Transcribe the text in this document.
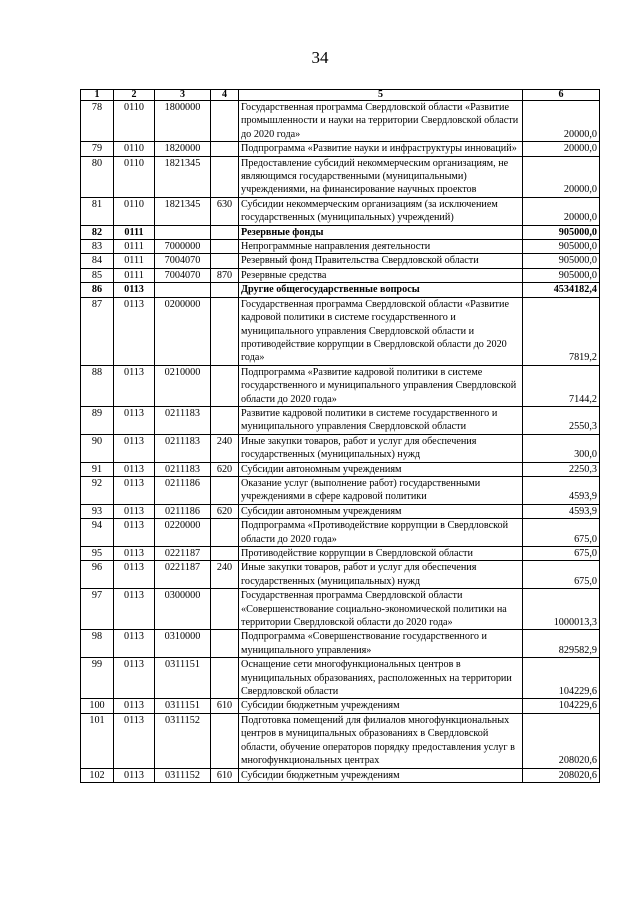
34
1	2	3	4	5	6
78	0110	1800000		Государственная программа Свердловской области «Развитие промышленности и науки на территории Свердловской области до 2020 года»	20000,0
79	0110	1820000		Подпрограмма «Развитие науки и инфраструктуры инноваций»	20000,0
80	0110	1821345		Предоставление субсидий некоммерческим организациям, не являющимся государственными (муниципальными) учреждениями, на финансирование научных проектов	20000,0
81	0110	1821345	630	Субсидии некоммерческим организациям (за исключением государственных (муниципальных) учреждений)	20000,0
82	0111			Резервные фонды	905000,0
83	0111	7000000		Непрограммные направления деятельности	905000,0
84	0111	7004070		Резервный фонд Правительства Свердловской области	905000,0
85	0111	7004070	870	Резервные средства	905000,0
86	0113			Другие общегосударственные вопросы	4534182,4
87	0113	0200000		Государственная программа Свердловской области «Развитие кадровой политики в системе государственного и муниципального управления Свердловской области и противодействие коррупции в Свердловской области до 2020 года»	7819,2
88	0113	0210000		Подпрограмма «Развитие кадровой политики в системе государственного и муниципального управления Свердловской области до 2020 года»	7144,2
89	0113	0211183		Развитие кадровой политики в системе государственного и муниципального управления Свердловской области	2550,3
90	0113	0211183	240	Иные закупки товаров, работ и услуг для обеспечения государственных (муниципальных) нужд	300,0
91	0113	0211183	620	Субсидии автономным учреждениям	2250,3
92	0113	0211186		Оказание услуг (выполнение работ) государственными учреждениями в сфере кадровой политики	4593,9
93	0113	0211186	620	Субсидии автономным учреждениям	4593,9
94	0113	0220000		Подпрограмма «Противодействие коррупции в Свердловской области до 2020 года»	675,0
95	0113	0221187		Противодействие коррупции в Свердловской области	675,0
96	0113	0221187	240	Иные закупки товаров, работ и услуг для обеспечения государственных (муниципальных) нужд	675,0
97	0113	0300000		Государственная программа Свердловской области «Совершенствование социально-экономической политики на территории Свердловской области до 2020 года»	1000013,3
98	0113	0310000		Подпрограмма «Совершенствование государственного и муниципального управления»	829582,9
99	0113	0311151		Оснащение сети многофункциональных центров в муниципальных образованиях, расположенных на территории Свердловской области	104229,6
100	0113	0311151	610	Субсидии бюджетным учреждениям	104229,6
101	0113	0311152		Подготовка помещений для филиалов многофункциональных центров в муниципальных образованиях в Свердловской области, обучение операторов порядку предоставления услуг в многофункциональных центрах	208020,6
102	0113	0311152	610	Субсидии бюджетным учреждениям	208020,6
